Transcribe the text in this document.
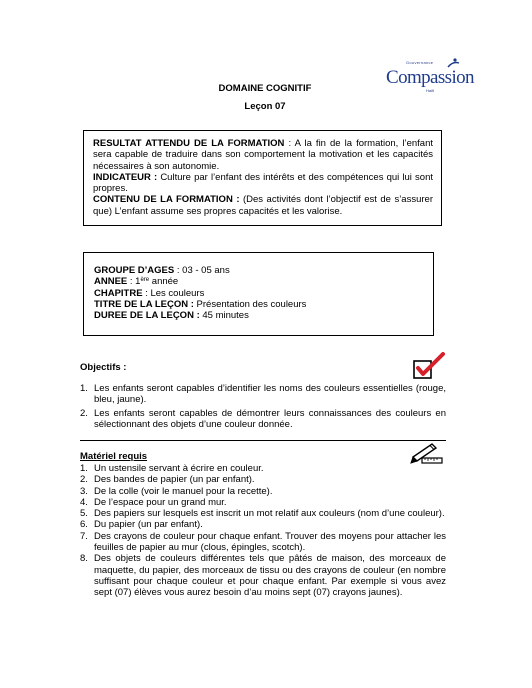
Gouvernance
Compassion
Haïti
DOMAINE COGNITIF
Leçon 07

RESULTAT ATTENDU DE LA FORMATION : A la fin de la formation, l’enfant sera capable de traduire dans son comportement la motivation et les capacités nécessaires à son autonomie.

INDICATEUR : Culture par l’enfant des intérêts et des compétences qui lui sont propres.

CONTENU DE LA FORMATION : (Des activités dont l’objectif est de s’assurer que) L’enfant assume ses propres capacités et les valorise.

GROUPE D’AGES : 03 - 05 ans

ANNEE : 1ère année

CHAPITRE : Les couleurs

TITRE DE LA LEÇON : Présentation des couleurs

DUREE DE LA LEÇON : 45 minutes

Objectifs :
1. Les enfants seront capables d’identifier les noms des couleurs essentielles (rouge, bleu, jaune).
2. Les enfants seront capables de démontrer leurs connaissances des couleurs en sélectionnant des objets d’une couleur donnée.
Matériel requis
1. Un ustensile servant à écrire en couleur.
2. Des bandes de papier (un par enfant).
3. De la colle (voir le manuel pour la recette).
4. De l’espace pour un grand mur.
5. Des papiers sur lesquels est inscrit un mot relatif aux couleurs (nom d’une couleur).
6. Du papier (un par enfant).
7. Des crayons de couleur pour chaque enfant. Trouver des moyens pour attacher les feuilles de papier au mur (clous, épingles, scotch).
8. Des objets de couleurs différentes tels que pâtés de maison, des morceaux de maquette, du papier, des morceaux de tissu ou des crayons de couleur (en nombre suffisant pour chaque couleur et pour chaque enfant. Par exemple si vous avez sept (07) élèves vous aurez besoin d’au moins sept (07) crayons jaunes).
